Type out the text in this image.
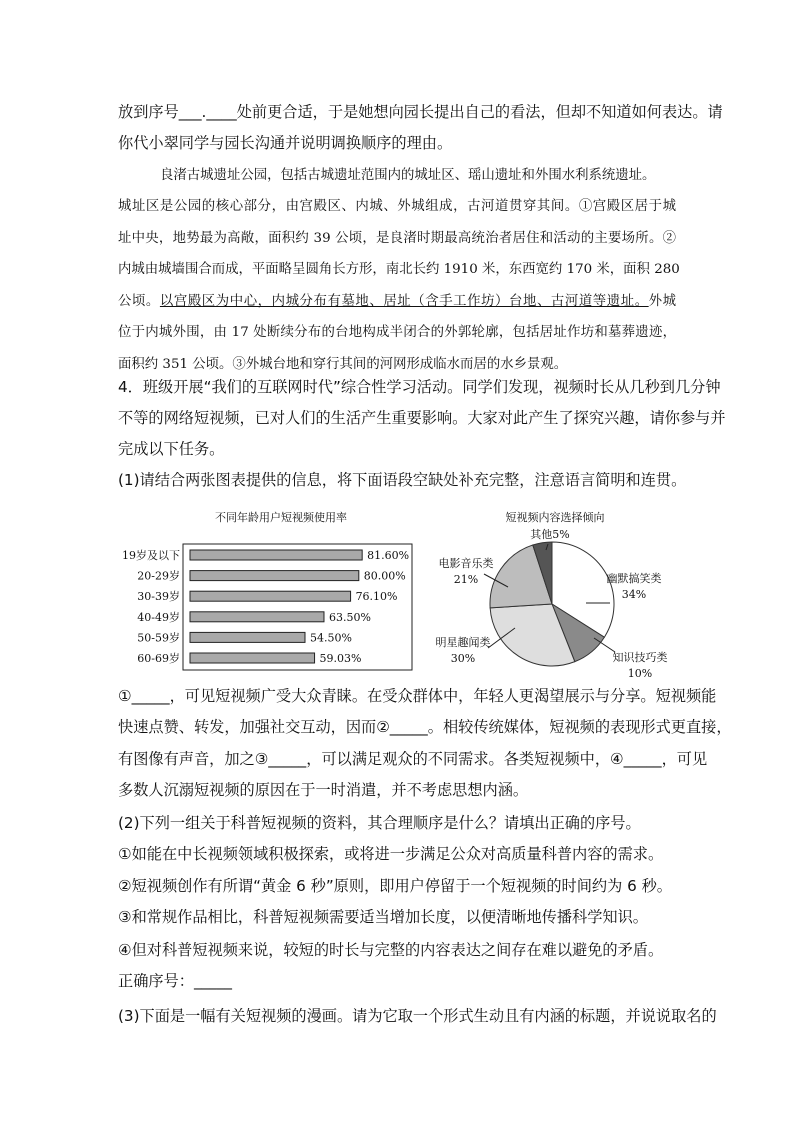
放到序号___.____处前更合适，于是她想向园长提出自己的看法，但却不知道如何表达。请
你代小翠同学与园长沟通并说明调换顺序的理由。
良渚古城遗址公园，包括古城遗址范围内的城址区、瑶山遗址和外围水利系统遗址。
城址区是公园的核心部分，由宫殿区、内城、外城组成，古河道贯穿其间。①宫殿区居于城
址中央，地势最为高敞，面积约 39 公顷，是良渚时期最高统治者居住和活动的主要场所。②
内城由城墙围合而成，平面略呈圆角长方形，南北长约 1910 米，东西宽约 170 米，面积 280
公顷。以宫殿区为中心，内城分布有墓地、居址（含手工作坊）台地、古河道等遗址。外城
位于内城外围，由 17 处断续分布的台地构成半闭合的外郭轮廓，包括居址作坊和墓葬遗迹，
面积约 351 公顷。③外城台地和穿行其间的河网形成临水而居的水乡景观。
4．班级开展“我们的互联网时代”综合性学习活动。同学们发现，视频时长从几秒到几分钟
不等的网络短视频，已对人们的生活产生重要影响。大家对此产生了探究兴趣，请你参与并
完成以下任务。
(1)请结合两张图表提供的信息，将下面语段空缺处补充完整，注意语言简明和连贯。
不同年龄用户短视频使用率
19岁及以下	81.60%
20-29岁	80.00%
30-39岁	76.10%
40-49岁	63.50%
50-59岁	54.50%
60-69岁	59.03%
短视频内容选择倾向
幽默搞笑类
34%
知识技巧类
10%
明星趣闻类
30%
电影音乐类
21%
其他5%
①_____，可见短视频广受大众青睐。在受众群体中，年轻人更渴望展示与分享。短视频能
快速点赞、转发，加强社交互动，因而②_____。相较传统媒体，短视频的表现形式更直接，
有图像有声音，加之③_____，可以满足观众的不同需求。各类短视频中，④_____，可见
多数人沉溺短视频的原因在于一时消遣，并不考虑思想内涵。
(2)下列一组关于科普短视频的资料，其合理顺序是什么？请填出正确的序号。
①如能在中长视频领域积极探索，或将进一步满足公众对高质量科普内容的需求。
②短视频创作有所谓“黄金 6 秒”原则，即用户停留于一个短视频的时间约为 6 秒。
③和常规作品相比，科普短视频需要适当增加长度，以便清晰地传播科学知识。
④但对科普短视频来说，较短的时长与完整的内容表达之间存在难以避免的矛盾。
正确序号：_____
(3)下面是一幅有关短视频的漫画。请为它取一个形式生动且有内涵的标题，并说说取名的
